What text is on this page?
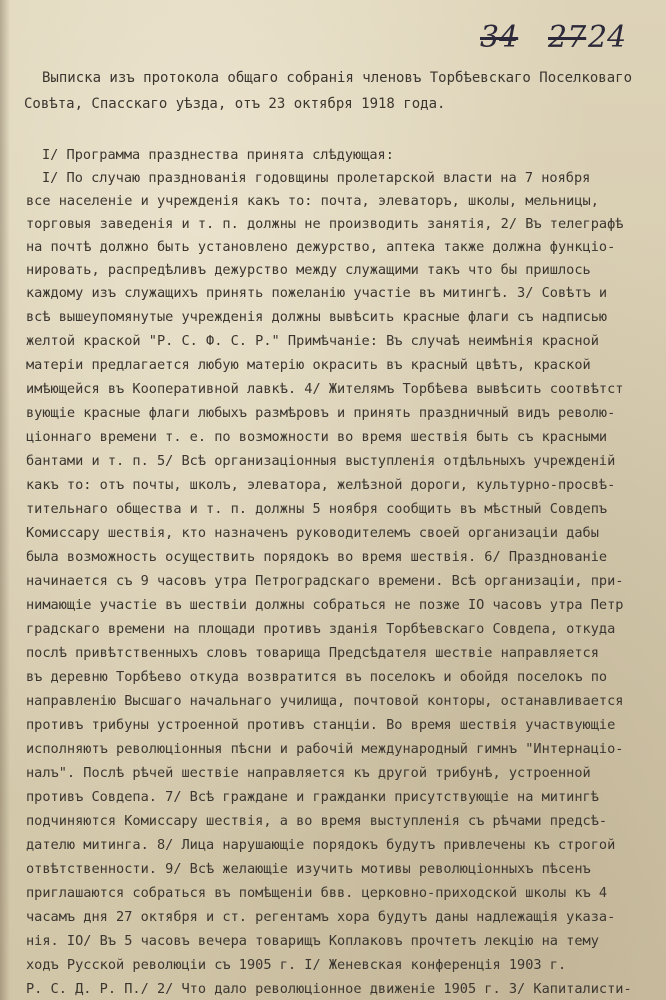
34 27 24
Выписка изъ протокола общаго собранія членовъ Торбѣевскаго Поселковаго
Совѣта, Спасскаго уѣзда, отъ 23 октября 1918 года.
I/ Программа празднества принята слѣдующая:
I/ По случаю празднованія годовщины пролетарской власти на 7 ноября
все населеніе и учрежденія какъ то: почта, элеваторъ, школы, мельницы,
торговыя заведенія и т. п. должны не производить занятія, 2/ Въ телеграфѣ
на почтѣ должно быть установлено дежурство, аптека также должна функціо-
нировать, распредѣливъ дежурство между служащими такъ что бы пришлось
каждому изъ служащихъ принять пожеланію участіе въ митингѣ. 3/ Совѣтъ и
всѣ вышеупомянутые учрежденія должны вывѣсить красные флаги съ надписью
желтой краской "Р. С. Ф. С. Р." Примѣчаніе: Въ случаѣ неимѣнія красной
матеріи предлагается любую матерію окрасить въ красный цвѣтъ, краской
имѣющейся въ Кооперативной лавкѣ. 4/ Жителямъ Торбѣева вывѣсить соотвѣтст
вующіе красные флаги любыхъ размѣровъ и принять праздничный видъ револю-
ціоннаго времени т. е. по возможности во время шествія быть съ красными
бантами и т. п. 5/ Всѣ организаціонныя выступленія отдѣльныхъ учрежденій
какъ то: отъ почты, школъ, элеватора, желѣзной дороги, культурно-просвѣ-
тительнаго общества и т. п. должны 5 ноября сообщить въ мѣстный Совдепъ
Комиссару шествія, кто назначенъ руководителемъ своей организаціи дабы
была возможность осуществить порядокъ во время шествія. 6/ Празднованіе
начинается съ 9 часовъ утра Петроградскаго времени. Всѣ организаціи, при-
нимающіе участіе въ шествіи должны собраться не позже IO часовъ утра Петр
градскаго времени на площади противъ зданія Торбѣевскаго Совдепа, откуда
послѣ привѣтственныхъ словъ товарища Предсѣдателя шествіе направляется
въ деревню Торбѣево откуда возвратится въ поселокъ и обойдя поселокъ по
направленію Высшаго начальнаго училища, почтовой конторы, останавливается
противъ трибуны устроенной противъ станціи. Во время шествія участвующіе
исполняютъ революціонныя пѣсни и рабочій международный гимнъ "Интернаціо-
налъ". Послѣ рѣчей шествіе направляется къ другой трибунѣ, устроенной
противъ Совдепа. 7/ Всѣ граждане и гражданки присутствующіе на митингѣ
подчиняются Комиссару шествія, а во время выступленія съ рѣчами предсѣ-
дателю митинга. 8/ Лица нарушающіе порядокъ будутъ привлечены къ строгой
отвѣтственности. 9/ Всѣ желающіе изучить мотивы революціонныхъ пѣсенъ
приглашаются собраться въ помѣщеніи бвв. церковно-приходской школы къ 4
часамъ дня 27 октября и ст. регентамъ хора будутъ даны надлежащія указа-
нія. IO/ Въ 5 часовъ вечера товарищъ Коплаковъ прочтетъ лекцію на тему
ходъ Русской революціи съ 1905 г. I/ Женевская конференція 1903 г.
Р. С. Д. Р. П./ 2/ Что дало революціонное движеніе 1905 г. 3/ Капиталисти-
